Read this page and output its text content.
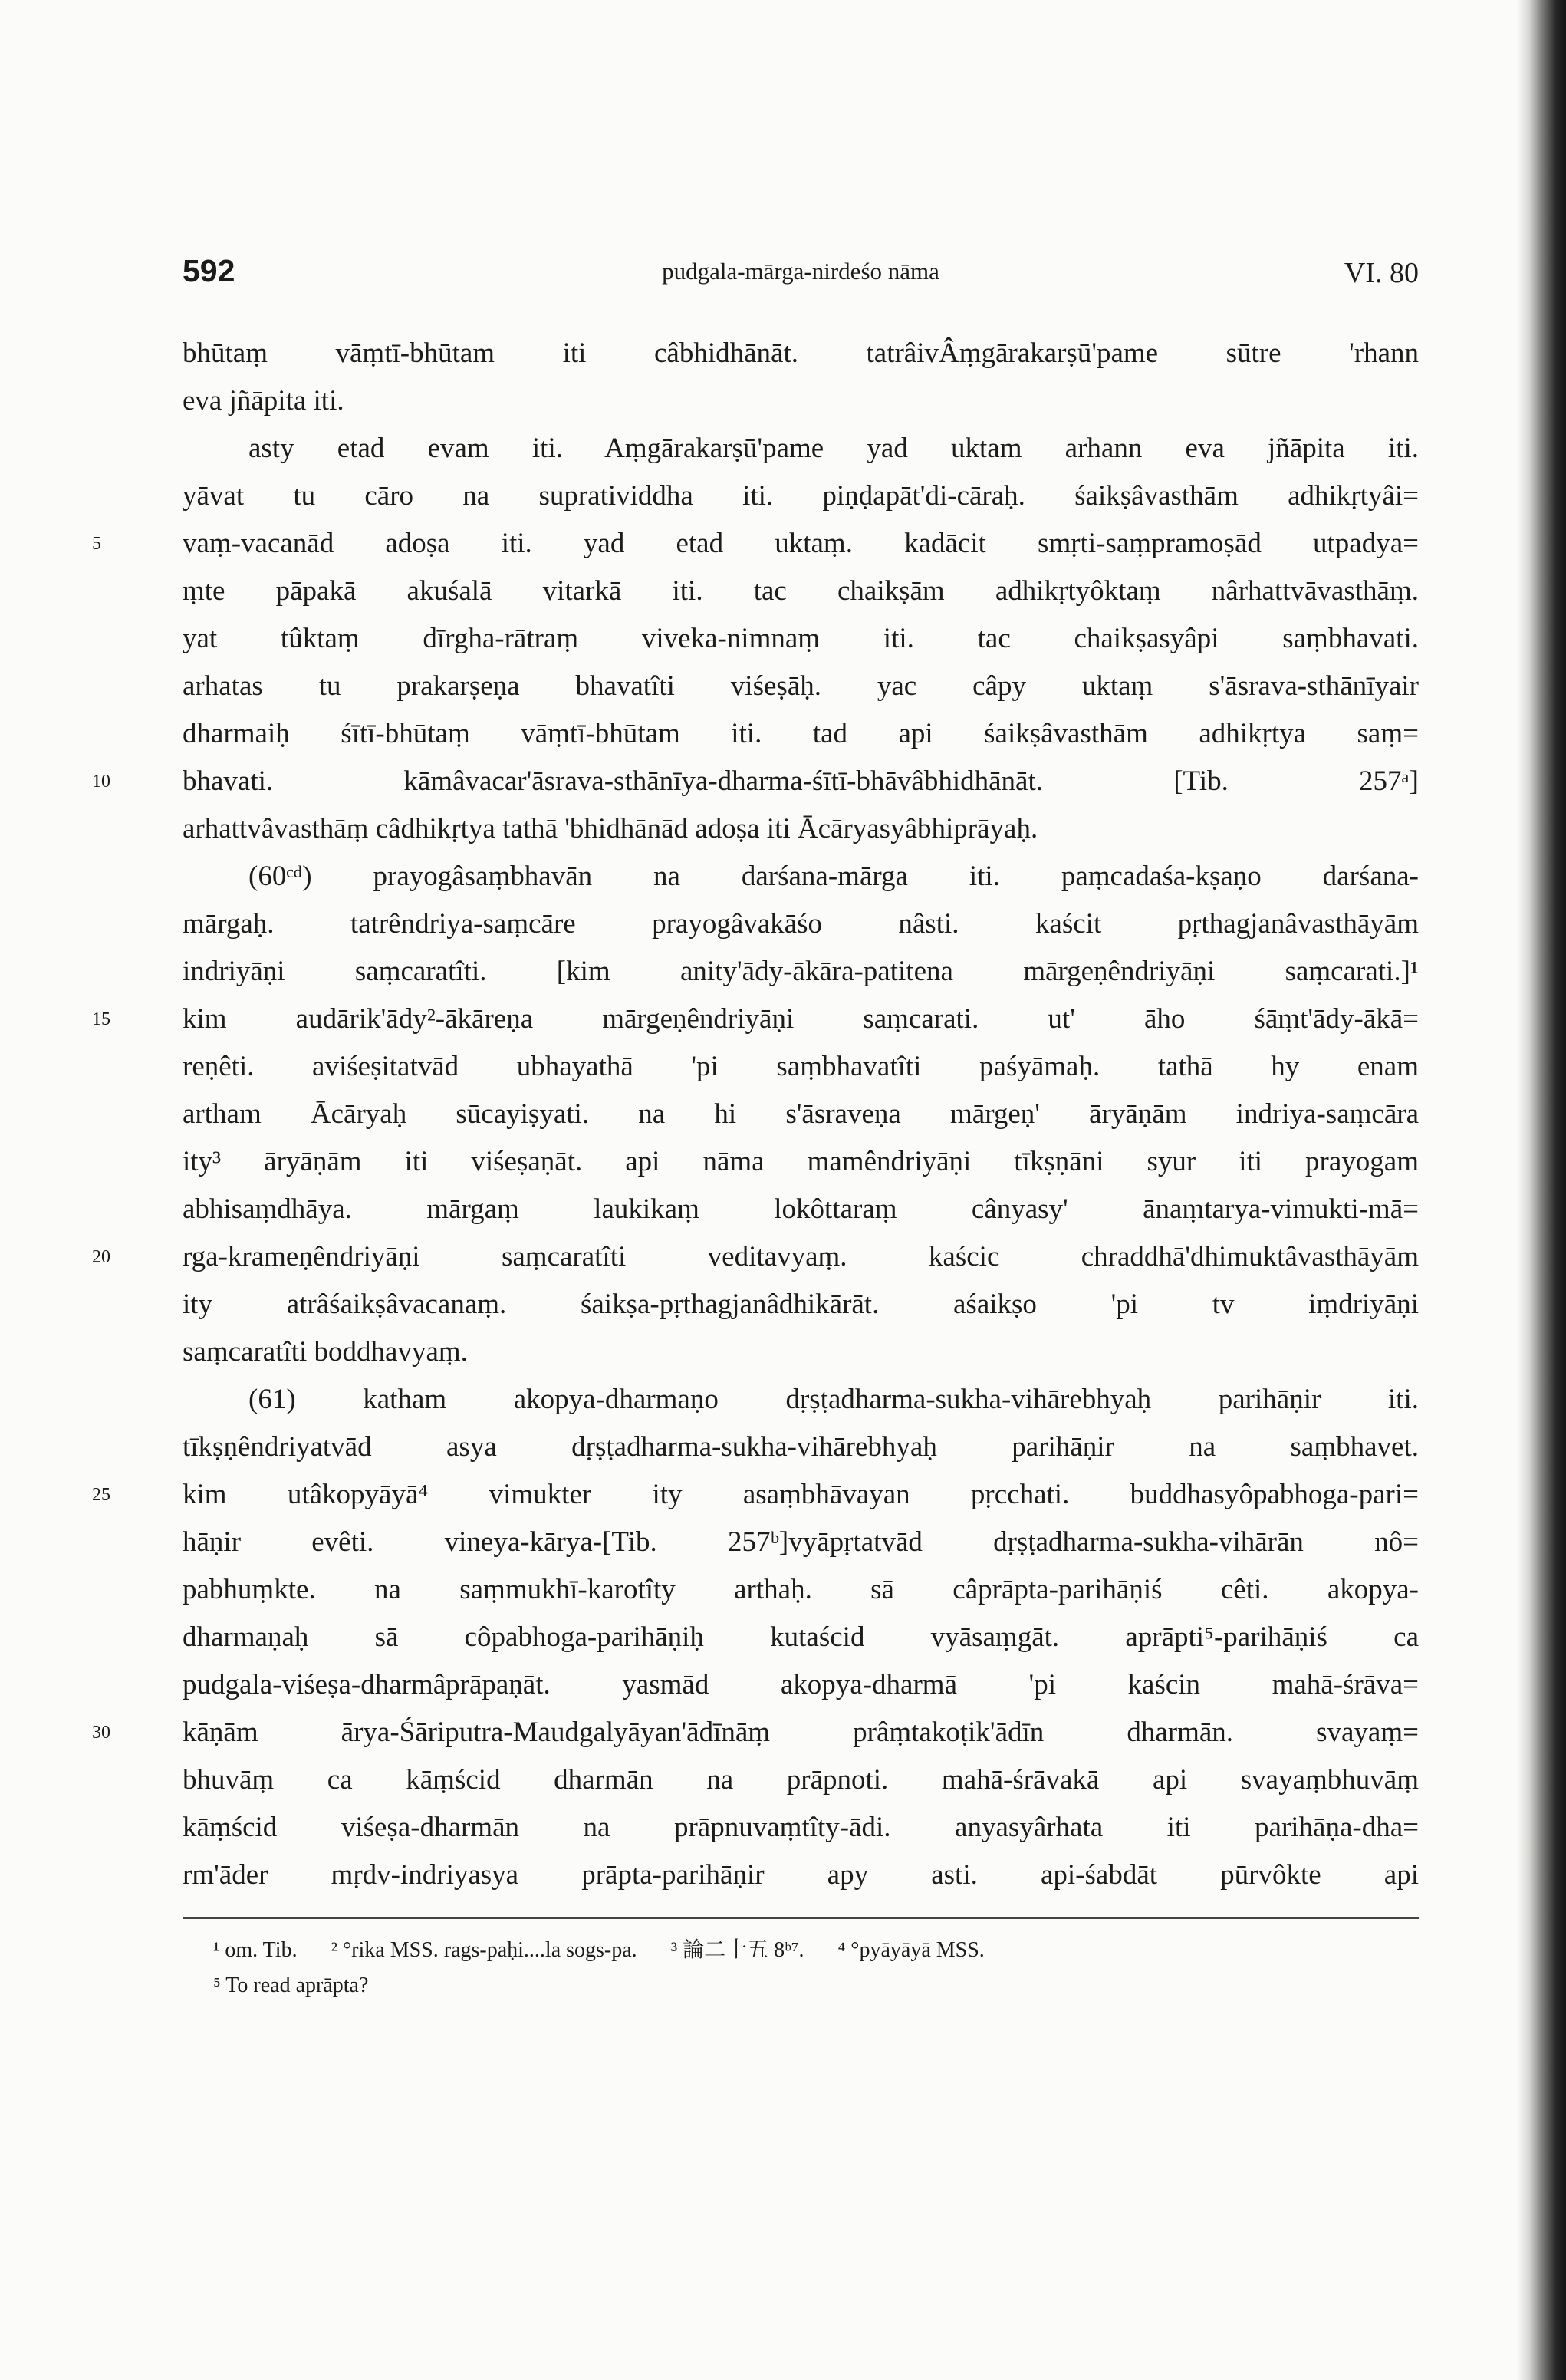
592	pudgala-mārga-nirdeśo nāma	VI. 80
bhūtaṃ vāṃtī-bhūtam iti câbhidhānāt. tatrâivÂṃgārakarṣū'pame sūtre 'rhann
eva jñāpita iti.
asty etad evam iti. Aṃgārakarṣū'pame yad uktam arhann eva jñāpita iti.
yāvat tu cāro na supratividdha iti. piṇḍapāt'di-cāraḥ. śaikṣâvasthām adhikṛtyâi=
5	vaṃ-vacanād adoṣa iti. yad etad uktaṃ. kadācit smṛti-saṃpramoṣād utpadya=
ṃte pāpakā akuśalā vitarkā iti. tac chaikṣām adhikṛtyôktaṃ nârhattvāvasthāṃ.
yat tûktaṃ dīrgha-rātraṃ viveka-nimnaṃ iti. tac chaikṣasyâpi saṃbhavati.
arhatas tu prakarṣeṇa bhavatîti viśeṣāḥ. yac câpy uktaṃ s'āsrava-sthānīyair
dharmaiḥ śītī-bhūtaṃ vāṃtī-bhūtam iti. tad api śaikṣâvasthām adhikṛtya saṃ=
10	bhavati. kāmâvacar'āsrava-sthānīya-dharma-śītī-bhāvâbhidhānāt. [Tib. 257ᵃ]
arhattvâvasthāṃ câdhikṛtya tathā 'bhidhānād adoṣa iti Ācāryasyâbhiprāyaḥ.
(60ᶜᵈ) prayogâsaṃbhavān na darśana-mārga iti. paṃcadaśa-kṣaṇo darśana-
mārgaḥ. tatrêndriya-saṃcāre prayogâvakāśo nâsti. kaścit pṛthagjanâvasthāyām
indriyāṇi saṃcaratîti. [kim anity'ādy-ākāra-patitena mārgeṇêndriyāṇi saṃcarati.]¹
15	kim audārik'ādy²-ākāreṇa mārgeṇêndriyāṇi saṃcarati. ut' āho śāṃt'ādy-ākā=
reṇêti. aviśeṣitatvād ubhayathā 'pi saṃbhavatîti paśyāmaḥ. tathā hy enam
artham Ācāryaḥ sūcayiṣyati. na hi s'āsraveṇa mārgeṇ' āryāṇām indriya-saṃcāra
ity³ āryāṇām iti viśeṣaṇāt. api nāma mamêndriyāṇi tīkṣṇāni syur iti prayogam
abhisaṃdhāya. mārgaṃ laukikaṃ lokôttaraṃ cânyasy' ānaṃtarya-vimukti-mā=
20	rga-krameṇêndriyāṇi saṃcaratîti veditavyaṃ. kaścic chraddhā'dhimuktâvasthāyām
ity atrâśaikṣâvacanaṃ. śaikṣa-pṛthagjanâdhikārāt. aśaikṣo 'pi tv iṃdriyāṇi
saṃcaratîti boddhavyaṃ.
(61) katham akopya-dharmaṇo dṛṣṭadharma-sukha-vihārebhyaḥ parihāṇir iti.
tīkṣṇêndriyatvād asya dṛṣṭadharma-sukha-vihārebhyaḥ parihāṇir na saṃbhavet.
25	kim utâkopyāyā⁴ vimukter ity asaṃbhāvayan pṛcchati. buddhasyôpabhoga-pari=
hāṇir evêti. vineya-kārya-[Tib. 257ᵇ]vyāpṛtatvād dṛṣṭadharma-sukha-vihārān nô=
pabhuṃkte. na saṃmukhī-karotîty arthaḥ. sā câprāpta-parihāṇiś cêti. akopya-
dharmaṇaḥ sā côpabhoga-parihāṇiḥ kutaścid vyāsaṃgāt. aprāpti⁵-parihāṇiś ca
pudgala-viśeṣa-dharmâprāpaṇāt. yasmād akopya-dharmā 'pi kaścin mahā-śrāva=
30	kāṇām ārya-Śāriputra-Maudgalyāyan'ādīnāṃ prâṃtakoṭik'ādīn dharmān. svayaṃ=
bhuvāṃ ca kāṃścid dharmān na prāpnoti. mahā-śrāvakā api svayaṃbhuvāṃ
kāṃścid viśeṣa-dharmān na prāpnuvaṃtîty-ādi. anyasyârhata iti parihāṇa-dha=
rm'āder mṛdv-indriyasya prāpta-parihāṇir apy asti. api-śabdāt pūrvôkte api
¹ om. Tib. ² °rika MSS. rags-paḥi....la sogs-pa. ³ 論二十五 8ᵇ⁷. ⁴ °pyāyāyā MSS.
⁵ To read aprāpta?
